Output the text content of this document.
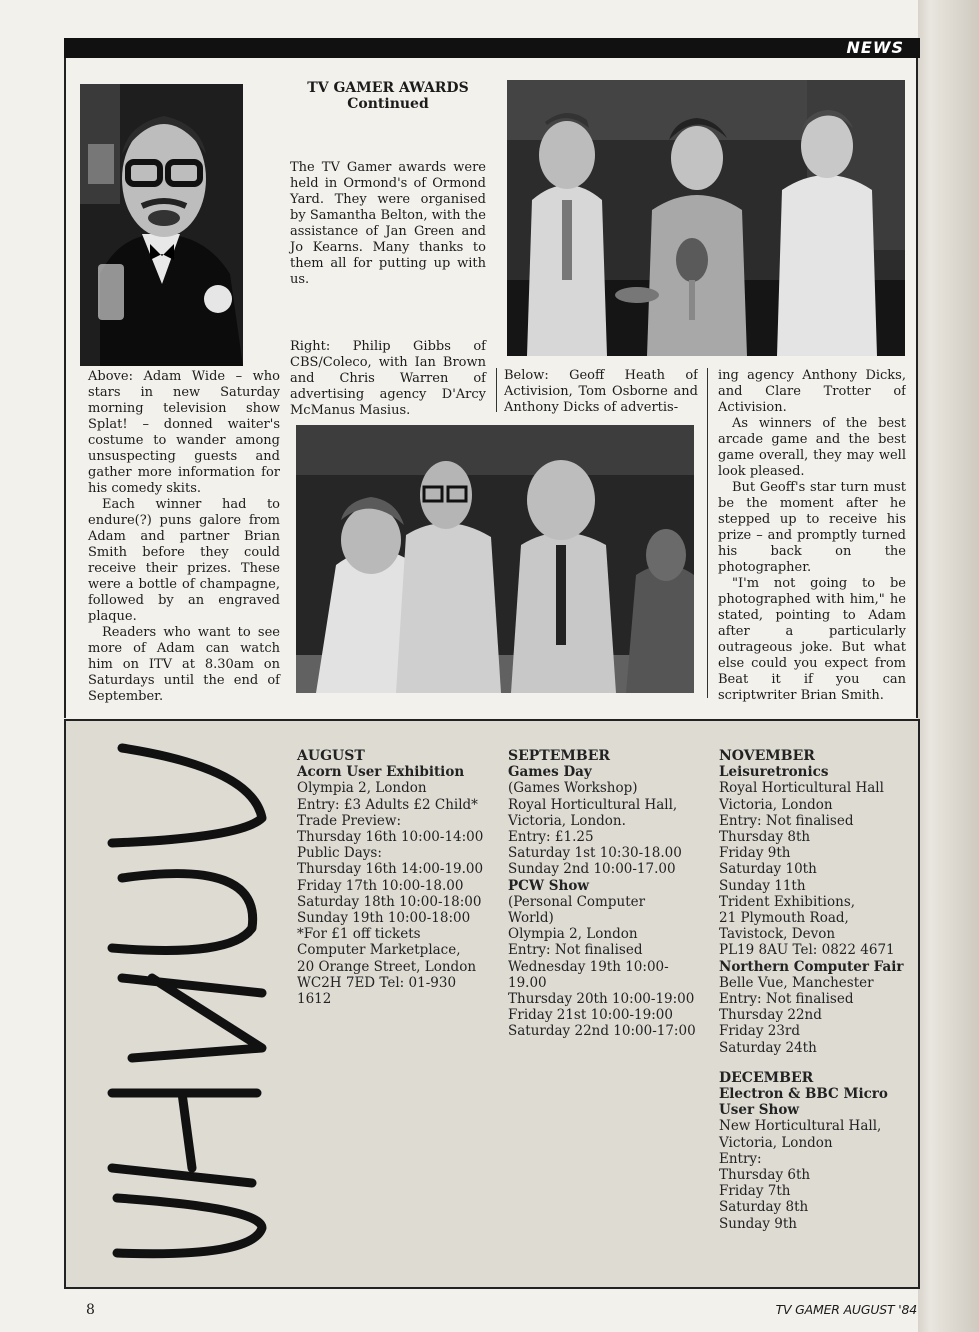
NEWS
TV GAMER AWARDS
Continued

The TV Gamer awards were held in Ormond's of Ormond Yard. They were organised by Samantha Belton, with the assistance of Jan Green and Jo Kearns. Many thanks to them all for putting up with us.

Right: Philip Gibbs of CBS/Coleco, with Ian Brown and Chris Warren of advertising agency D'Arcy McManus Masius.

Above: Adam Wide – who stars in new Saturday morning television show Splat! – donned waiter's costume to wander among unsuspecting guests and gather more information for his comedy skits.

Each winner had to endure(?) puns galore from Adam and partner Brian Smith before they could receive their prizes. These were a bottle of champagne, followed by an engraved plaque.

Readers who want to see more of Adam can watch him on ITV at 8.30am on Saturdays until the end of September.

Below: Geoff Heath of Activision, Tom Osborne and Anthony Dicks of advertis-

ing agency Anthony Dicks, and Clare Trotter of Activision.

As winners of the best arcade game and the best game overall, they may well look pleased.

But Geoff's star turn must be the moment after he stepped up to receive his prize – and promptly turned his back on the photographer.

"I'm not going to be photographed with him," he stated, pointing to Adam after a particularly outrageous joke. But what else could you expect from Beat it if you can scriptwriter Brian Smith.

AUGUST
Acorn User Exhibition
Olympia 2, London
Entry: £3 Adults £2 Child*
Trade Preview:
Thursday 16th 10:00-14:00
Public Days:
Thursday 16th 14:00-19.00
Friday 17th 10:00-18.00
Saturday 18th 10:00-18:00
Sunday 19th 10:00-18:00
*For £1 off tickets
Computer Marketplace,
20 Orange Street, London
WC2H 7ED Tel: 01-930
1612
SEPTEMBER
Games Day
(Games Workshop)
Royal Horticultural Hall,
Victoria, London.
Entry: £1.25
Saturday 1st 10:30-18.00
Sunday 2nd 10:00-17.00
PCW Show
(Personal Computer
World)
Olympia 2, London
Entry: Not finalised
Wednesday 19th 10:00-
19.00
Thursday 20th 10:00-19:00
Friday 21st 10:00-19:00
Saturday 22nd 10:00-17:00
NOVEMBER
Leisuretronics
Royal Horticultural Hall
Victoria, London
Entry: Not finalised
Thursday 8th
Friday 9th
Saturday 10th
Sunday 11th
Trident Exhibitions,
21 Plymouth Road,
Tavistock, Devon
PL19 8AU Tel: 0822 4671
Northern Computer Fair
Belle Vue, Manchester
Entry: Not finalised
Thursday 22nd
Friday 23rd
Saturday 24th
DECEMBER
Electron & BBC Micro User Show
New Horticultural Hall,
Victoria, London
Entry:
Thursday 6th
Friday 7th
Saturday 8th
Sunday 9th
8	TV GAMER AUGUST '84
